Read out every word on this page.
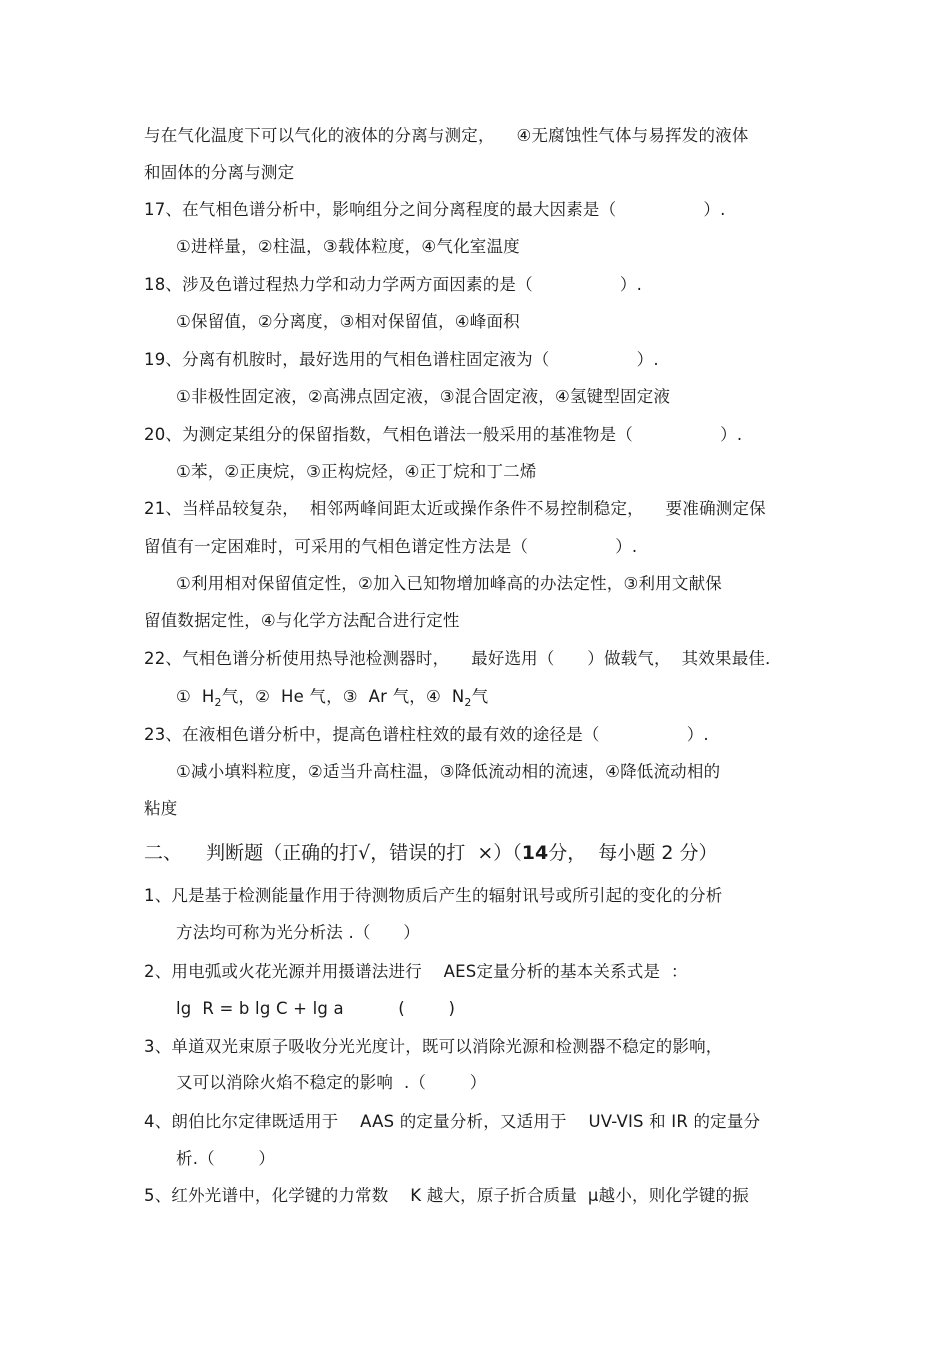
与在气化温度下可以气化的液体的分离与测定，    ④无腐蚀性气体与易挥发的液体
和固体的分离与测定
17、在气相色谱分析中，影响组分之间分离程度的最大因素是（                ）.
①进样量，②柱温，③载体粒度，④气化室温度
18、涉及色谱过程热力学和动力学两方面因素的是（                ）.
①保留值，②分离度，③相对保留值，④峰面积
19、分离有机胺时，最好选用的气相色谱柱固定液为（                ）.
①非极性固定液，②高沸点固定液，③混合固定液，④氢键型固定液
20、为测定某组分的保留指数，气相色谱法一般采用的基准物是（                ）.
①苯，②正庚烷，③正构烷烃，④正丁烷和丁二烯
21、当样品较复杂，  相邻两峰间距太近或操作条件不易控制稳定，    要准确测定保
留值有一定困难时，可采用的气相色谱定性方法是（                ）.
①利用相对保留值定性，②加入已知物增加峰高的办法定性，③利用文献保
留值数据定性，④与化学方法配合进行定性
22、气相色谱分析使用热导池检测器时，    最好选用（      ）做载气，  其效果最佳．
①  $H_2$气，②  He 气，③  Ar 气，④  $N_2$气
23、在液相色谱分析中，提高色谱柱柱效的最有效的途径是（                ）.
①减小填料粒度，②适当升高柱温，③降低流动相的流速，④降低流动相的
粘度
二、    判断题（正确的打√，错误的打  ×）（14分，  每小题 2 分）
1、凡是基于检测能量作用于待测物质后产生的辐射讯号或所引起的变化的分析
方法均可称为光分析法 .（      ）
2、用电弧或火花光源并用摄谱法进行    AES定量分析的基本关系式是  ：
lg  R = b lg C + lg a          (        )
3、单道双光束原子吸收分光光度计，既可以消除光源和检测器不稳定的影响，
又可以消除火焰不稳定的影响  .（        ）
4、朗伯比尔定律既适用于    AAS 的定量分析，又适用于    UV-VIS 和 IR 的定量分
析.（        ）
5、红外光谱中，化学键的力常数    K 越大，原子折合质量  μ越小，则化学键的振
